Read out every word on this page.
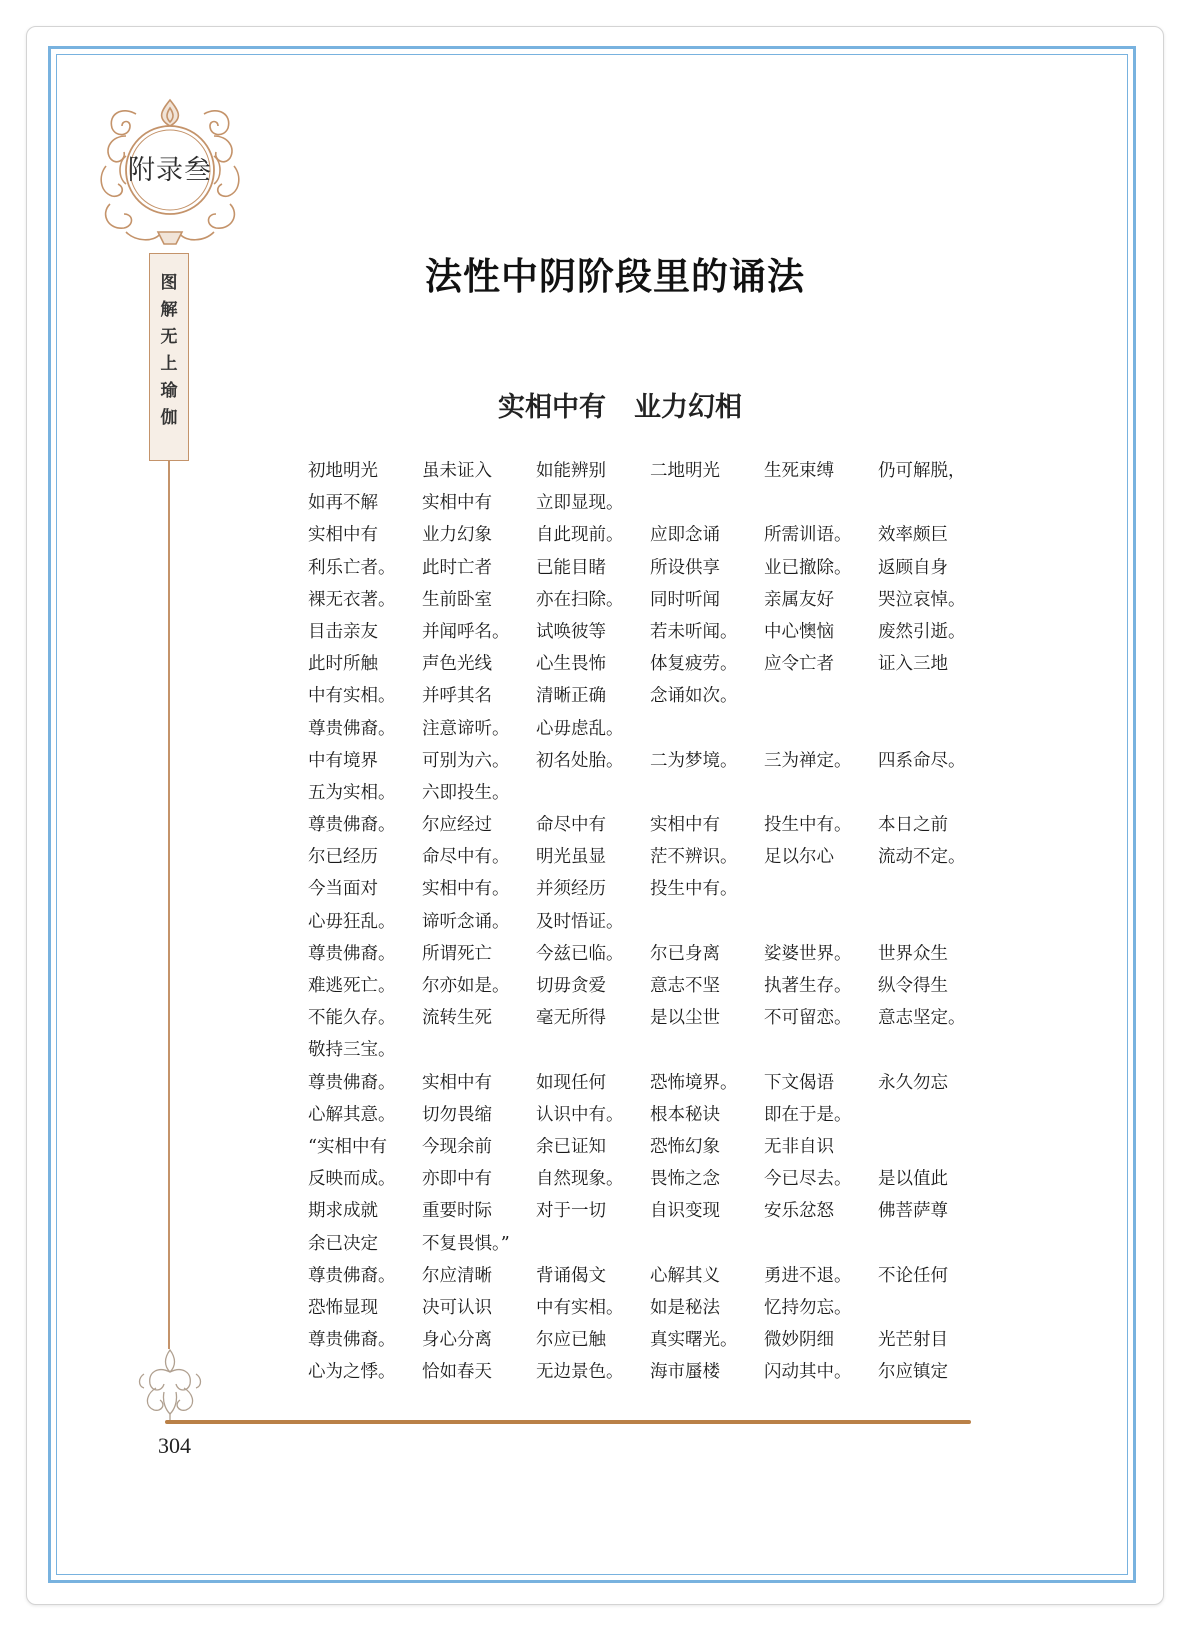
附录叁
图
解
无
上
瑜
伽
304
法性中阴阶段里的诵法
实相中有 业力幻相
初地明光	虽未证入	如能辨别	二地明光	生死束缚	仍可解脱，
如再不解	实相中有	立即显现。
实相中有	业力幻象	自此现前。	应即念诵	所需训语。	效率颇巨
利乐亡者。	此时亡者	已能目睹	所设供享	业已撤除。	返顾自身
裸无衣著。	生前卧室	亦在扫除。	同时听闻	亲属友好	哭泣哀悼。
目击亲友	并闻呼名。	试唤彼等	若未听闻。	中心懊恼	废然引逝。
此时所触	声色光线	心生畏怖	体复疲劳。	应令亡者	证入三地
中有实相。	并呼其名	清晰正确	念诵如次。
尊贵佛裔。	注意谛听。	心毋虑乱。
中有境界	可别为六。	初名处胎。	二为梦境。	三为禅定。	四系命尽。
五为实相。	六即投生。
尊贵佛裔。	尔应经过	命尽中有	实相中有	投生中有。	本日之前
尔已经历	命尽中有。	明光虽显	茫不辨识。	足以尔心	流动不定。
今当面对	实相中有。	并须经历	投生中有。
心毋狂乱。	谛听念诵。	及时悟证。
尊贵佛裔。	所谓死亡	今兹已临。	尔已身离	娑婆世界。	世界众生
难逃死亡。	尔亦如是。	切毋贪爱	意志不坚	执著生存。	纵令得生
不能久存。	流转生死	毫无所得	是以尘世	不可留恋。	意志坚定。
敬持三宝。
尊贵佛裔。	实相中有	如现任何	恐怖境界。	下文偈语	永久勿忘
心解其意。	切勿畏缩	认识中有。	根本秘诀	即在于是。
“实相中有	今现余前	余已证知	恐怖幻象	无非自识
反映而成。	亦即中有	自然现象。	畏怖之念	今已尽去。	是以值此
期求成就	重要时际	对于一切	自识变现	安乐忿怒	佛菩萨尊
余已决定	不复畏惧。”
尊贵佛裔。	尔应清晰	背诵偈文	心解其义	勇进不退。	不论任何
恐怖显现	决可认识	中有实相。	如是秘法	忆持勿忘。
尊贵佛裔。	身心分离	尔应已触	真实曙光。	微妙阴细	光芒射目
心为之悸。	恰如春天	无边景色。	海市蜃楼	闪动其中。	尔应镇定
